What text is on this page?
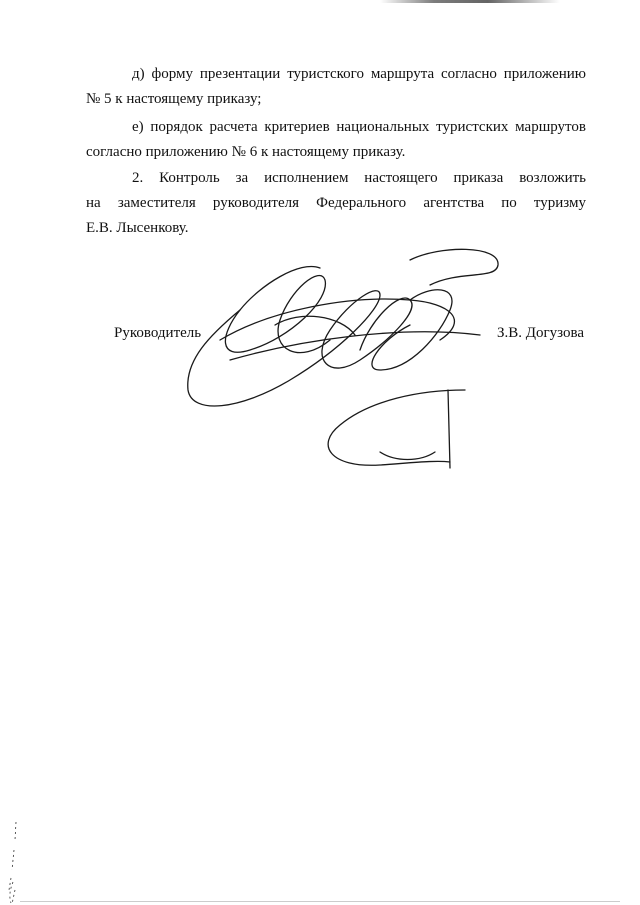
д) форму презентации туристского маршрута согласно приложению
№ 5 к настоящему приказу;
е) порядок расчета критериев национальных туристских маршрутов
согласно приложению № 6 к настоящему приказу.
2. Контроль за исполнением настоящего приказа возложить
на заместителя руководителя Федерального агентства по туризму
Е.В. Лысенкову.
Руководитель	З.В. Догузова
